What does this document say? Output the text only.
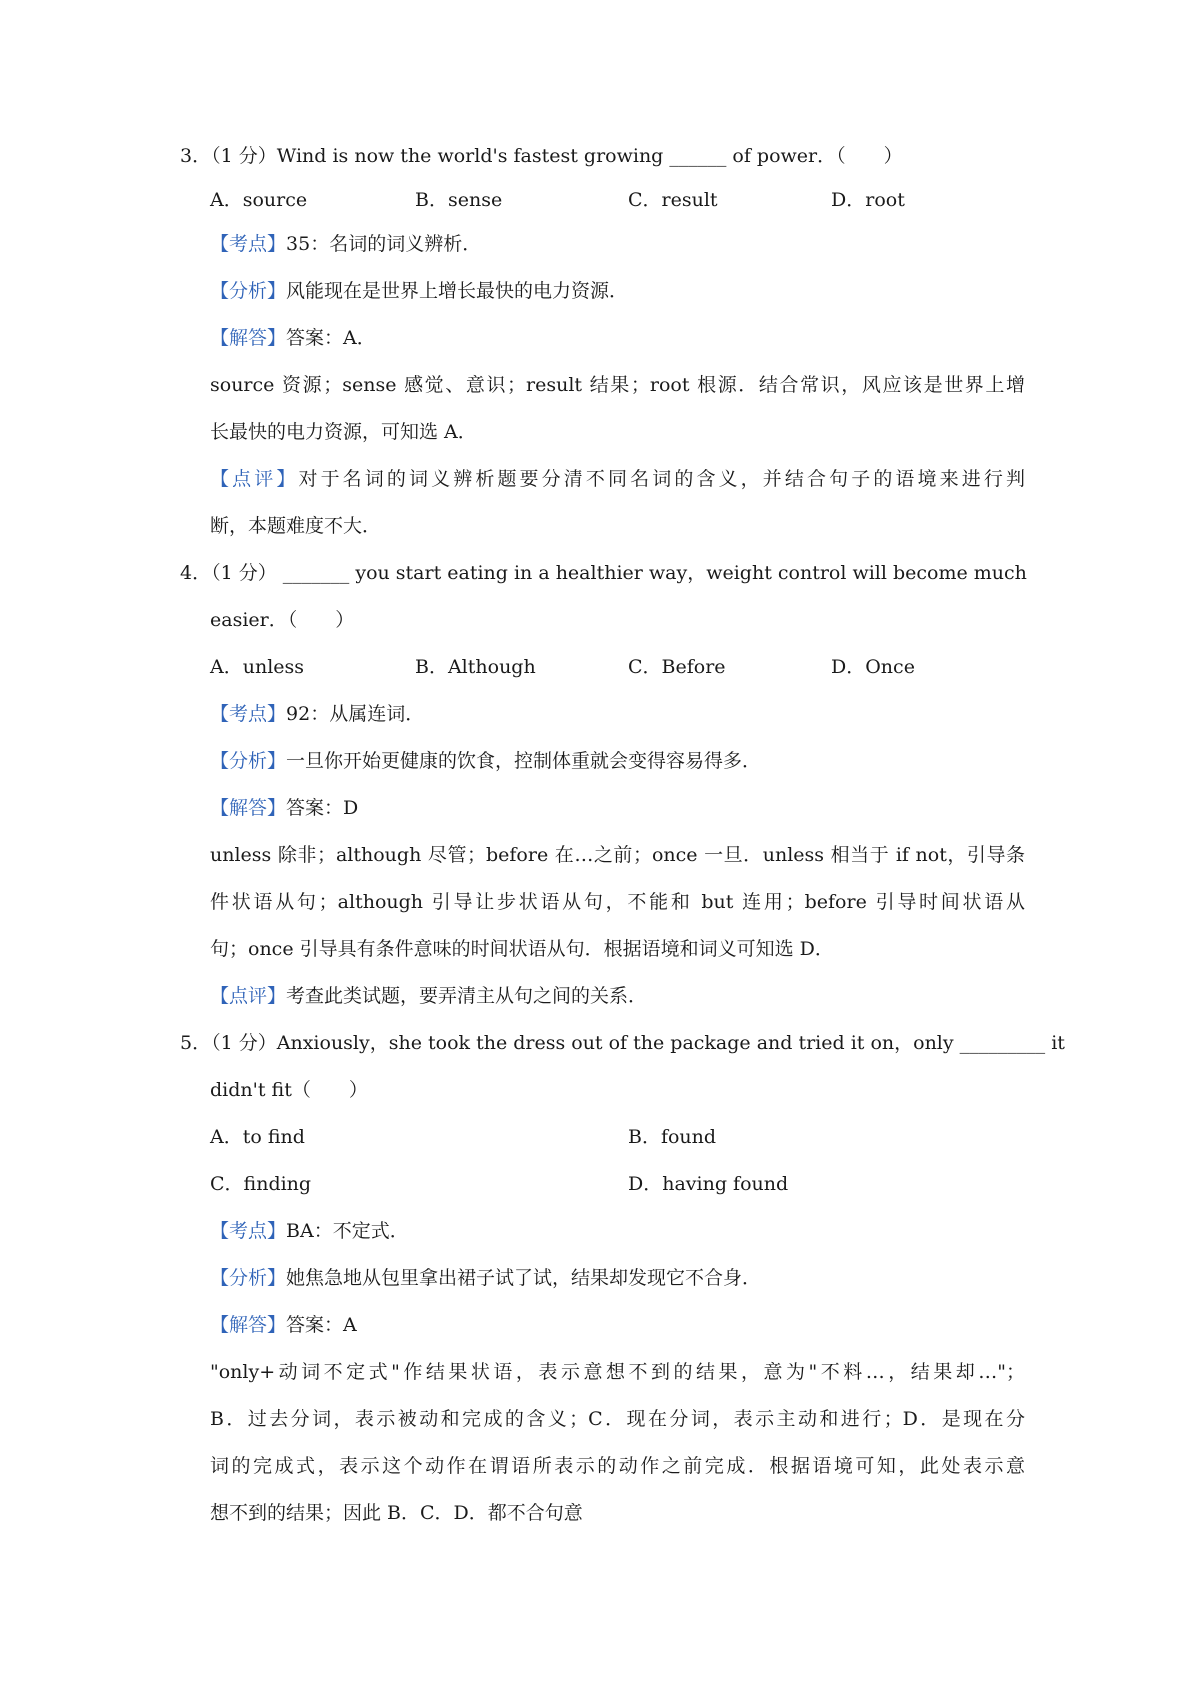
3．（1 分）Wind is now the world's fastest growing ______ of power．（　　）
A．source	B．sense	C．result	D．root
【考点】35：名词的词义辨析．
【分析】风能现在是世界上增长最快的电力资源．
【解答】答案：A．
source 资源；sense 感觉、意识；result 结果；root 根源．结合常识，风应该是世界上增
长最快的电力资源，可知选 A．
【点评】对于名词的词义辨析题要分清不同名词的含义，并结合句子的语境来进行判
断，本题难度不大．
4．（1 分） _______ you start eating in a healthier way，weight control will become much
easier．（　　）
A．unless	B．Although	C．Before	D．Once
【考点】92：从属连词．
【分析】一旦你开始更健康的饮食，控制体重就会变得容易得多．
【解答】答案：D
unless 除非；although 尽管；before 在…之前；once 一旦．unless 相当于 if not，引导条
件状语从句；although 引导让步状语从句，不能和 but 连用；before 引导时间状语从
句；once 引导具有条件意味的时间状语从句．根据语境和词义可知选 D．
【点评】考查此类试题，要弄清主从句之间的关系．
5．（1 分）Anxiously，she took the dress out of the package and tried it on，only _________ it
didn't fit（　　）
A．to find	B．found
C．finding	D．having found
【考点】BA：不定式．
【分析】她焦急地从包里拿出裙子试了试，结果却发现它不合身．
【解答】答案：A
"only+动词不定式"作结果状语，表示意想不到的结果，意为"不料…，结果却…"；
B．过去分词，表示被动和完成的含义；C．现在分词，表示主动和进行；D．是现在分
词的完成式，表示这个动作在谓语所表示的动作之前完成．根据语境可知，此处表示意
想不到的结果；因此 B．C．D．都不合句意
